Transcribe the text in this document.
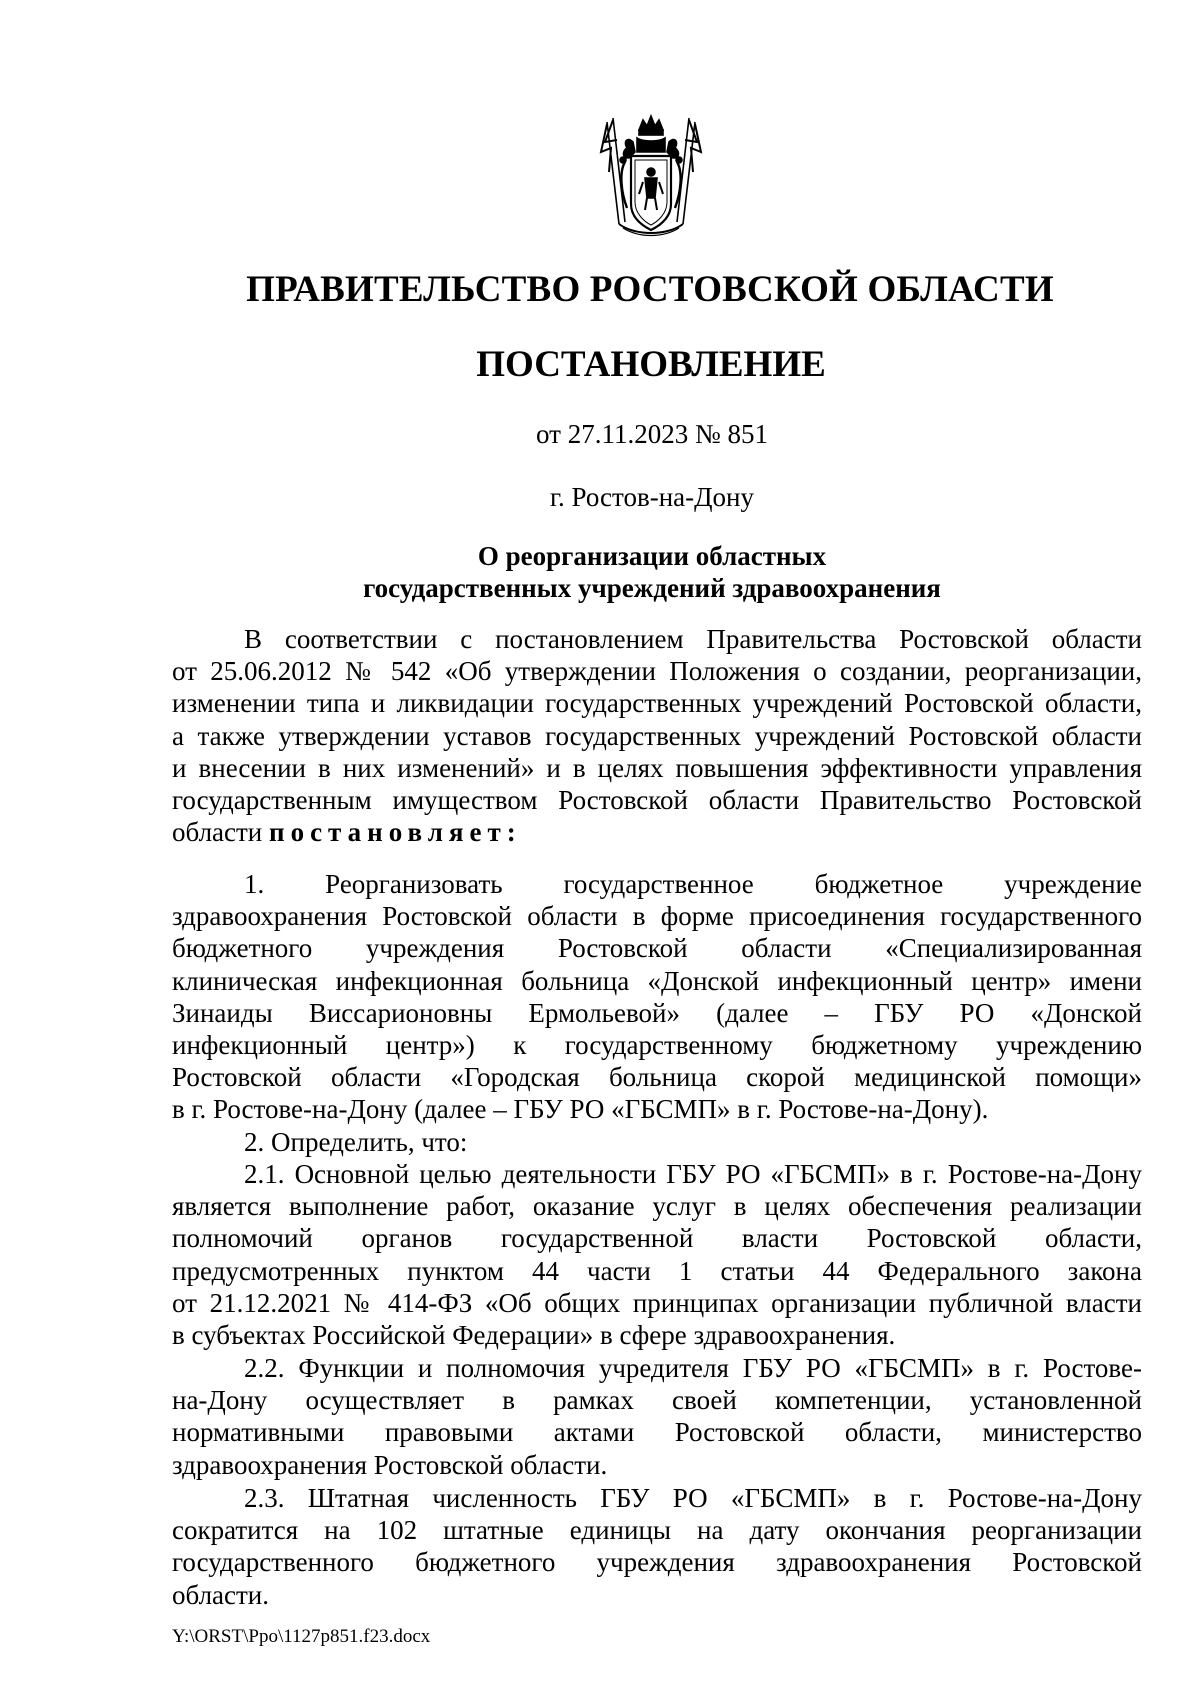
ПРАВИТЕЛЬСТВО РОСТОВСКОЙ ОБЛАСТИ
ПОСТАНОВЛЕНИЕ
от 27.11.2023 № 851
г. Ростов-на-Дону
О реорганизации областных
государственных учреждений здравоохранения
В соответствии с постановлением Правительства Ростовской области
от 25.06.2012 № 542 «Об утверждении Положения о создании, реорганизации,
изменении типа и ликвидации государственных учреждений Ростовской области,
а также утверждении уставов государственных учреждений Ростовской области
и внесении в них изменений» и в целях повышения эффективности управления
государственным имуществом Ростовской области Правительство Ростовской
области постановляет:
1. Реорганизовать государственное бюджетное учреждение
здравоохранения Ростовской области в форме присоединения государственного
бюджетного учреждения Ростовской области «Специализированная
клиническая инфекционная больница «Донской инфекционный центр» имени
Зинаиды Виссарионовны Ермольевой» (далее – ГБУ РО «Донской
инфекционный центр») к государственному бюджетному учреждению
Ростовской области «Городская больница скорой медицинской помощи»
в г. Ростове-на-Дону (далее – ГБУ РО «ГБСМП» в г. Ростове-на-Дону).
2. Определить, что:
2.1. Основной целью деятельности ГБУ РО «ГБСМП» в г. Ростове-на-Дону
является выполнение работ, оказание услуг в целях обеспечения реализации
полномочий органов государственной власти Ростовской области,
предусмотренных пунктом 44 части 1 статьи 44 Федерального закона
от 21.12.2021 № 414-ФЗ «Об общих принципах организации публичной власти
в субъектах Российской Федерации» в сфере здравоохранения.
2.2. Функции и полномочия учредителя ГБУ РО «ГБСМП» в г. Ростове-
на-Дону осуществляет в рамках своей компетенции, установленной
нормативными правовыми актами Ростовской области, министерство
здравоохранения Ростовской области.
2.3. Штатная численность ГБУ РО «ГБСМП» в г. Ростове-на-Дону
сократится на 102 штатные единицы на дату окончания реорганизации
государственного бюджетного учреждения здравоохранения Ростовской
области.
Y:\ORST\Ppo\1127p851.f23.docx
